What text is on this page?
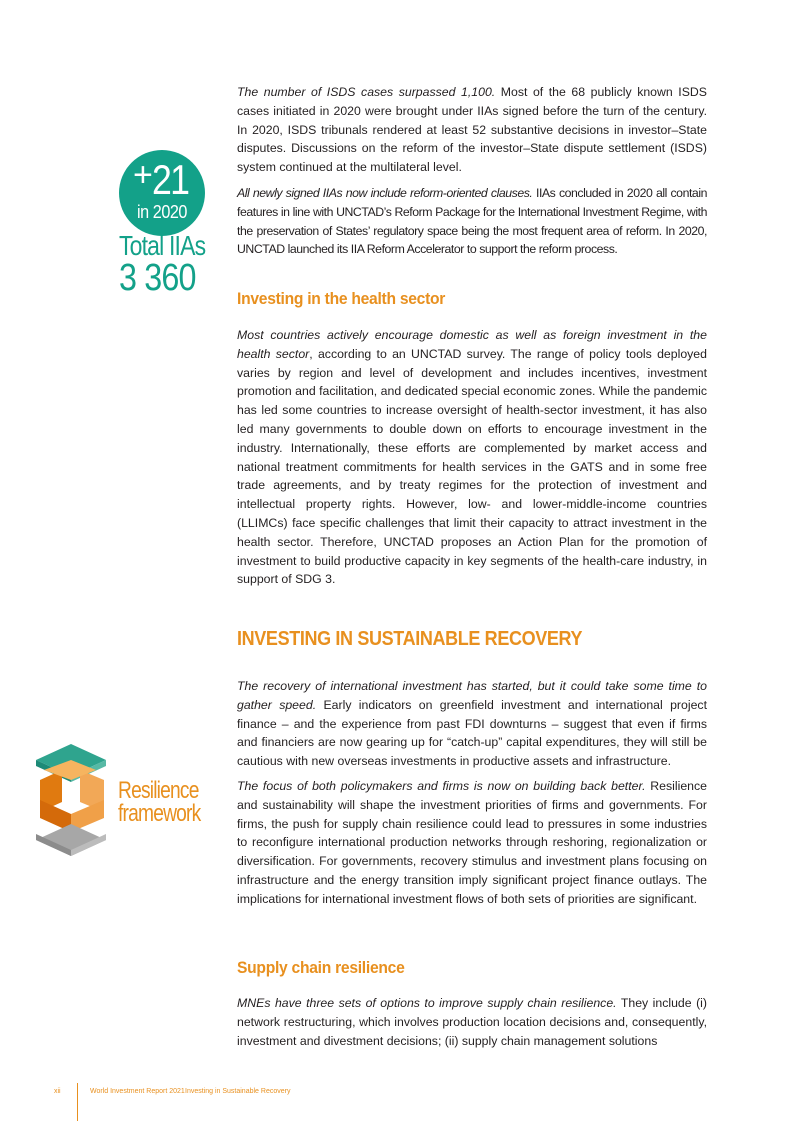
+ 21
in 2020
Total IIAs
3 360
Resilience
framework

The number of ISDS cases surpassed 1,100. Most of the 68 publicly known ISDS cases initiated in 2020 were brought under IIAs signed before the turn of the century. In 2020, ISDS tribunals rendered at least 52 substantive decisions in investor–State disputes. Discussions on the reform of the investor–State dispute settlement (ISDS) system continued at the multilateral level.

All newly signed IIAs now include reform-oriented clauses. IIAs concluded in 2020 all contain features in line with UNCTAD’s Reform Package for the International Investment Regime, with the preservation of States’ regulatory space being the most frequent area of reform. In 2020, UNCTAD launched its IIA Reform Accelerator to support the reform process.

Investing in the health sector

Most countries actively encourage domestic as well as foreign investment in the health sector, according to an UNCTAD survey. The range of policy tools deployed varies by region and level of development and includes incentives, investment promotion and facilitation, and dedicated special economic zones. While the pandemic has led some countries to increase oversight of health-sector investment, it has also led many governments to double down on efforts to encourage investment in the industry. Internationally, these efforts are complemented by market access and national treatment commitments for health services in the GATS and in some free trade agreements, and by treaty regimes for the protection of investment and intellectual property rights. However, low- and lower-middle-income countries (LLIMCs) face specific challenges that limit their capacity to attract investment in the health sector. Therefore, UNCTAD proposes an Action Plan for the promotion of investment to build productive capacity in key segments of the health-care industry, in support of SDG 3.

INVESTING IN SUSTAINABLE RECOVERY

The recovery of international investment has started, but it could take some time to gather speed. Early indicators on greenfield investment and international project finance – and the experience from past FDI downturns – suggest that even if firms and financiers are now gearing up for “catch-up” capital expenditures, they will still be cautious with new overseas investments in productive assets and infrastructure.

The focus of both policymakers and firms is now on building back better. Resilience and sustainability will shape the investment priorities of firms and governments. For firms, the push for supply chain resilience could lead to pressures in some industries to reconfigure international production networks through reshoring, regionalization or diversification. For governments, recovery stimulus and investment plans focusing on infrastructure and the energy transition imply significant project finance outlays. The implications for international investment flows of both sets of priorities are significant.

Supply chain resilience

MNEs have three sets of options to improve supply chain resilience. They include (i) network restructuring, which involves production location decisions and, consequently, investment and divestment decisions; (ii) supply chain management solutions

xii	World Investment Report 2021 Investing in Sustainable Recovery
